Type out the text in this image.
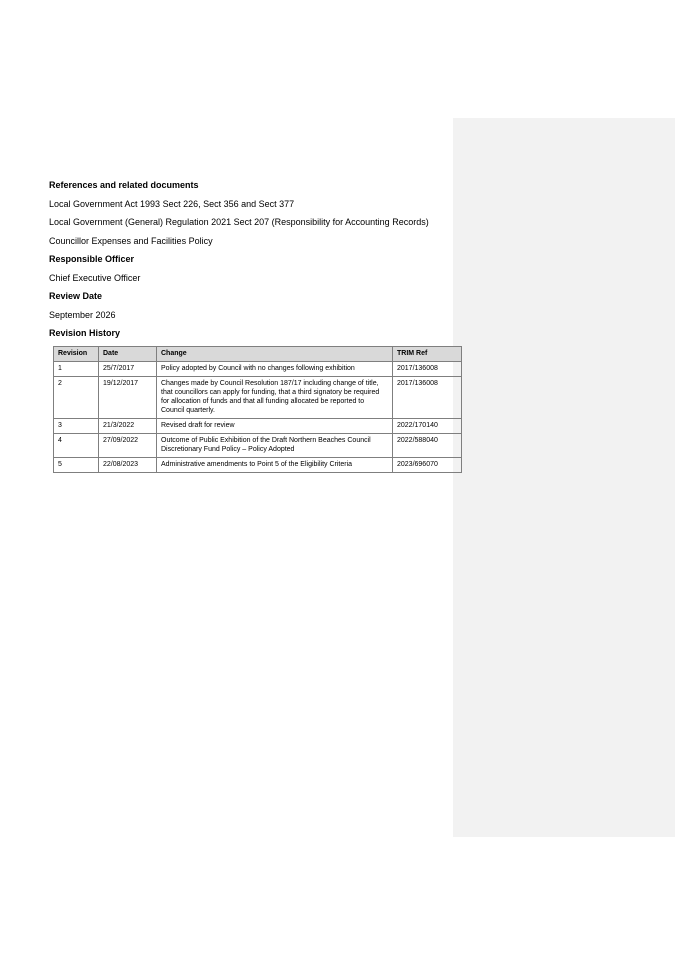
References and related documents
Local Government Act 1993 Sect 226, Sect 356 and Sect 377
Local Government (General) Regulation 2021 Sect 207 (Responsibility for Accounting Records)
Councillor Expenses and Facilities Policy
Responsible Officer
Chief Executive Officer
Review Date
September 2026
Revision History
Revision	Date	Change	TRIM Ref
1	25/7/2017	Policy adopted by Council with no changes following exhibition	2017/136008
2	19/12/2017	Changes made by Council Resolution 187/17 including change of title, that councillors can apply for funding, that a third signatory be required for allocation of funds and that all funding allocated be reported to Council quarterly.	2017/136008
3	21/3/2022	Revised draft for review	2022/170140
4	27/09/2022	Outcome of Public Exhibition of the Draft Northern Beaches Council Discretionary Fund Policy – Policy Adopted	2022/588040
5	22/08/2023	Administrative amendments to Point 5 of the Eligibility Criteria	2023/696070
